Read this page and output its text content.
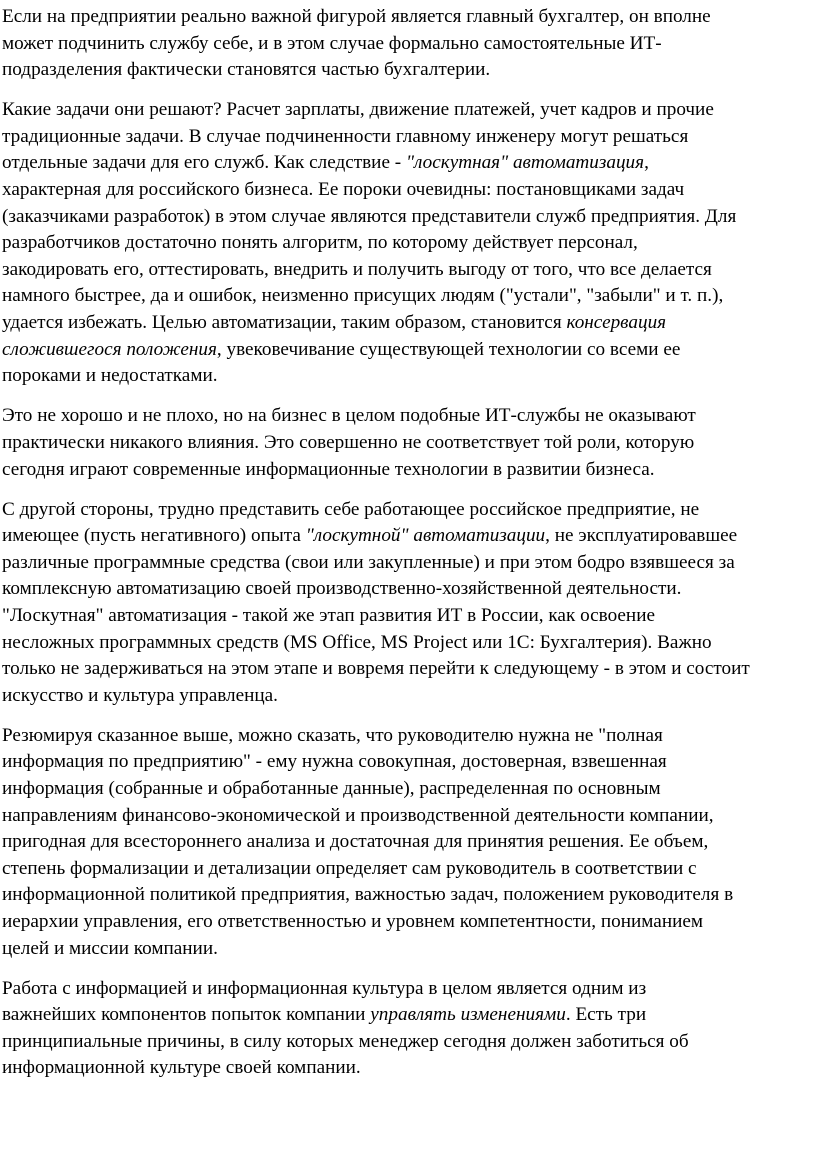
Если на предприятии реально важной фигурой является главный бухгалтер, он вполне
может подчинить службу себе, и в этом случае формально самостоятельные ИТ-
подразделения фактически становятся частью бухгалтерии.

Какие задачи они решают? Расчет зарплаты, движение платежей, учет кадров и прочие
традиционные задачи. В случае подчиненности главному инженеру могут решаться
отдельные задачи для его служб. Как следствие - "лоскутная" автоматизация,
характерная для российского бизнеса. Ее пороки очевидны: постановщиками задач
(заказчиками разработок) в этом случае являются представители служб предприятия. Для
разработчиков достаточно понять алгоритм, по которому действует персонал,
закодировать его, оттестировать, внедрить и получить выгоду от того, что все делается
намного быстрее, да и ошибок, неизменно присущих людям ("устали", "забыли" и т. п.),
удается избежать. Целью автоматизации, таким образом, становится консервация
сложившегося положения, увековечивание существующей технологии со всеми ее
пороками и недостатками.

Это не хорошо и не плохо, но на бизнес в целом подобные ИТ-службы не оказывают
практически никакого влияния. Это совершенно не соответствует той роли, которую
сегодня играют современные информационные технологии в развитии бизнеса.

С другой стороны, трудно представить себе работающее российское предприятие, не
имеющее (пусть негативного) опыта "лоскутной" автоматизации, не эксплуатировавшее
различные программные средства (свои или закупленные) и при этом бодро взявшееся за
комплексную автоматизацию своей производственно-хозяйственной деятельности.
"Лоскутная" автоматизация - такой же этап развития ИТ в России, как освоение
несложных программных средств (MS Office, MS Project или 1C: Бухгалтерия). Важно
только не задерживаться на этом этапе и вовремя перейти к следующему - в этом и состоит
искусство и культура управленца.

Резюмируя сказанное выше, можно сказать, что руководителю нужна не "полная
информация по предприятию" - ему нужна совокупная, достоверная, взвешенная
информация (собранные и обработанные данные), распределенная по основным
направлениям финансово-экономической и производственной деятельности компании,
пригодная для всестороннего анализа и достаточная для принятия решения. Ее объем,
степень формализации и детализации определяет сам руководитель в соответствии с
информационной политикой предприятия, важностью задач, положением руководителя в
иерархии управления, его ответственностью и уровнем компетентности, пониманием
целей и миссии компании.

Работа с информацией и информационная культура в целом является одним из
важнейших компонентов попыток компании управлять изменениями. Есть три
принципиальные причины, в силу которых менеджер сегодня должен заботиться об
информационной культуре своей компании.
